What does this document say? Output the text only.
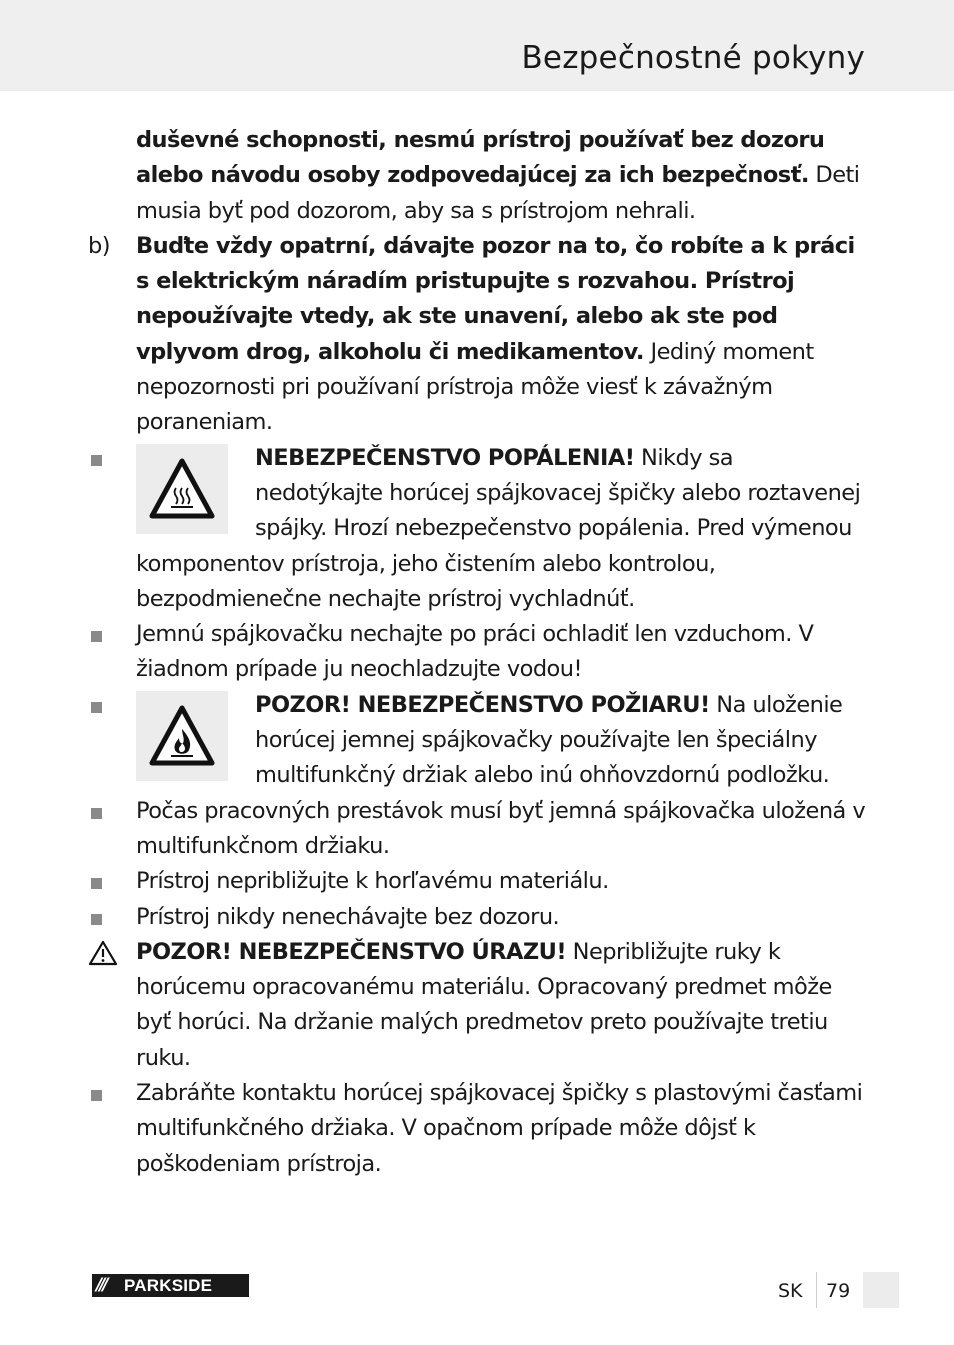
Bezpečnostné pokyny
duševné schopnosti, nesmú prístroj používať bez dozoru alebo návodu osoby zodpovedajúcej za ich bezpečnosť. Deti musia byť pod dozorom, aby sa s prístrojom nehrali.
b)	Buďte vždy opatrní, dávajte pozor na to, čo robíte a k práci s elektrickým náradím pristupujte s rozvahou. Prístroj nepoužívajte vtedy, ak ste unavení, alebo ak ste pod vplyvom drog, alkoholu či medikamentov. Jediný moment nepozornosti pri používaní prístroja môže viesť k závažným poraneniam.
NEBEZPEČENSTVO POPÁLENIA! Nikdy sa nedotýkajte horúcej spájkovacej špičky alebo roztavenej spájky. Hrozí nebezpečenstvo popálenia. Pred výmenou komponentov prístroja, jeho čistením alebo kontrolou, bezpodmienečne nechajte prístroj vychladnúť.
Jemnú spájkovačku nechajte po práci ochladiť len vzduchom. V žiadnom prípade ju neochladzujte vodou!
POZOR! NEBEZPEČENSTVO POŽIARU! Na uloženie horúcej jemnej spájkovačky používajte len špeciálny multifunkčný držiak alebo inú ohňovzdornú podložku.
Počas pracovných prestávok musí byť jemná spájkovačka uložená v multifunkčnom držiaku.
Prístroj nepribližujte k horľavému materiálu.
Prístroj nikdy nenechávajte bez dozoru.
POZOR! NEBEZPEČENSTVO ÚRAZU! Nepribližujte ruky k horúcemu opracovanému materiálu. Opracovaný predmet môže byť horúci. Na držanie malých predmetov preto používajte tretiu ruku.
Zabráňte kontaktu horúcej spájkovacej špičky s plastovými časťami multifunkčného držiaka. V opačnom prípade môže dôjsť k poškodeniam prístroja.
/// PARKSIDE	SK 79
